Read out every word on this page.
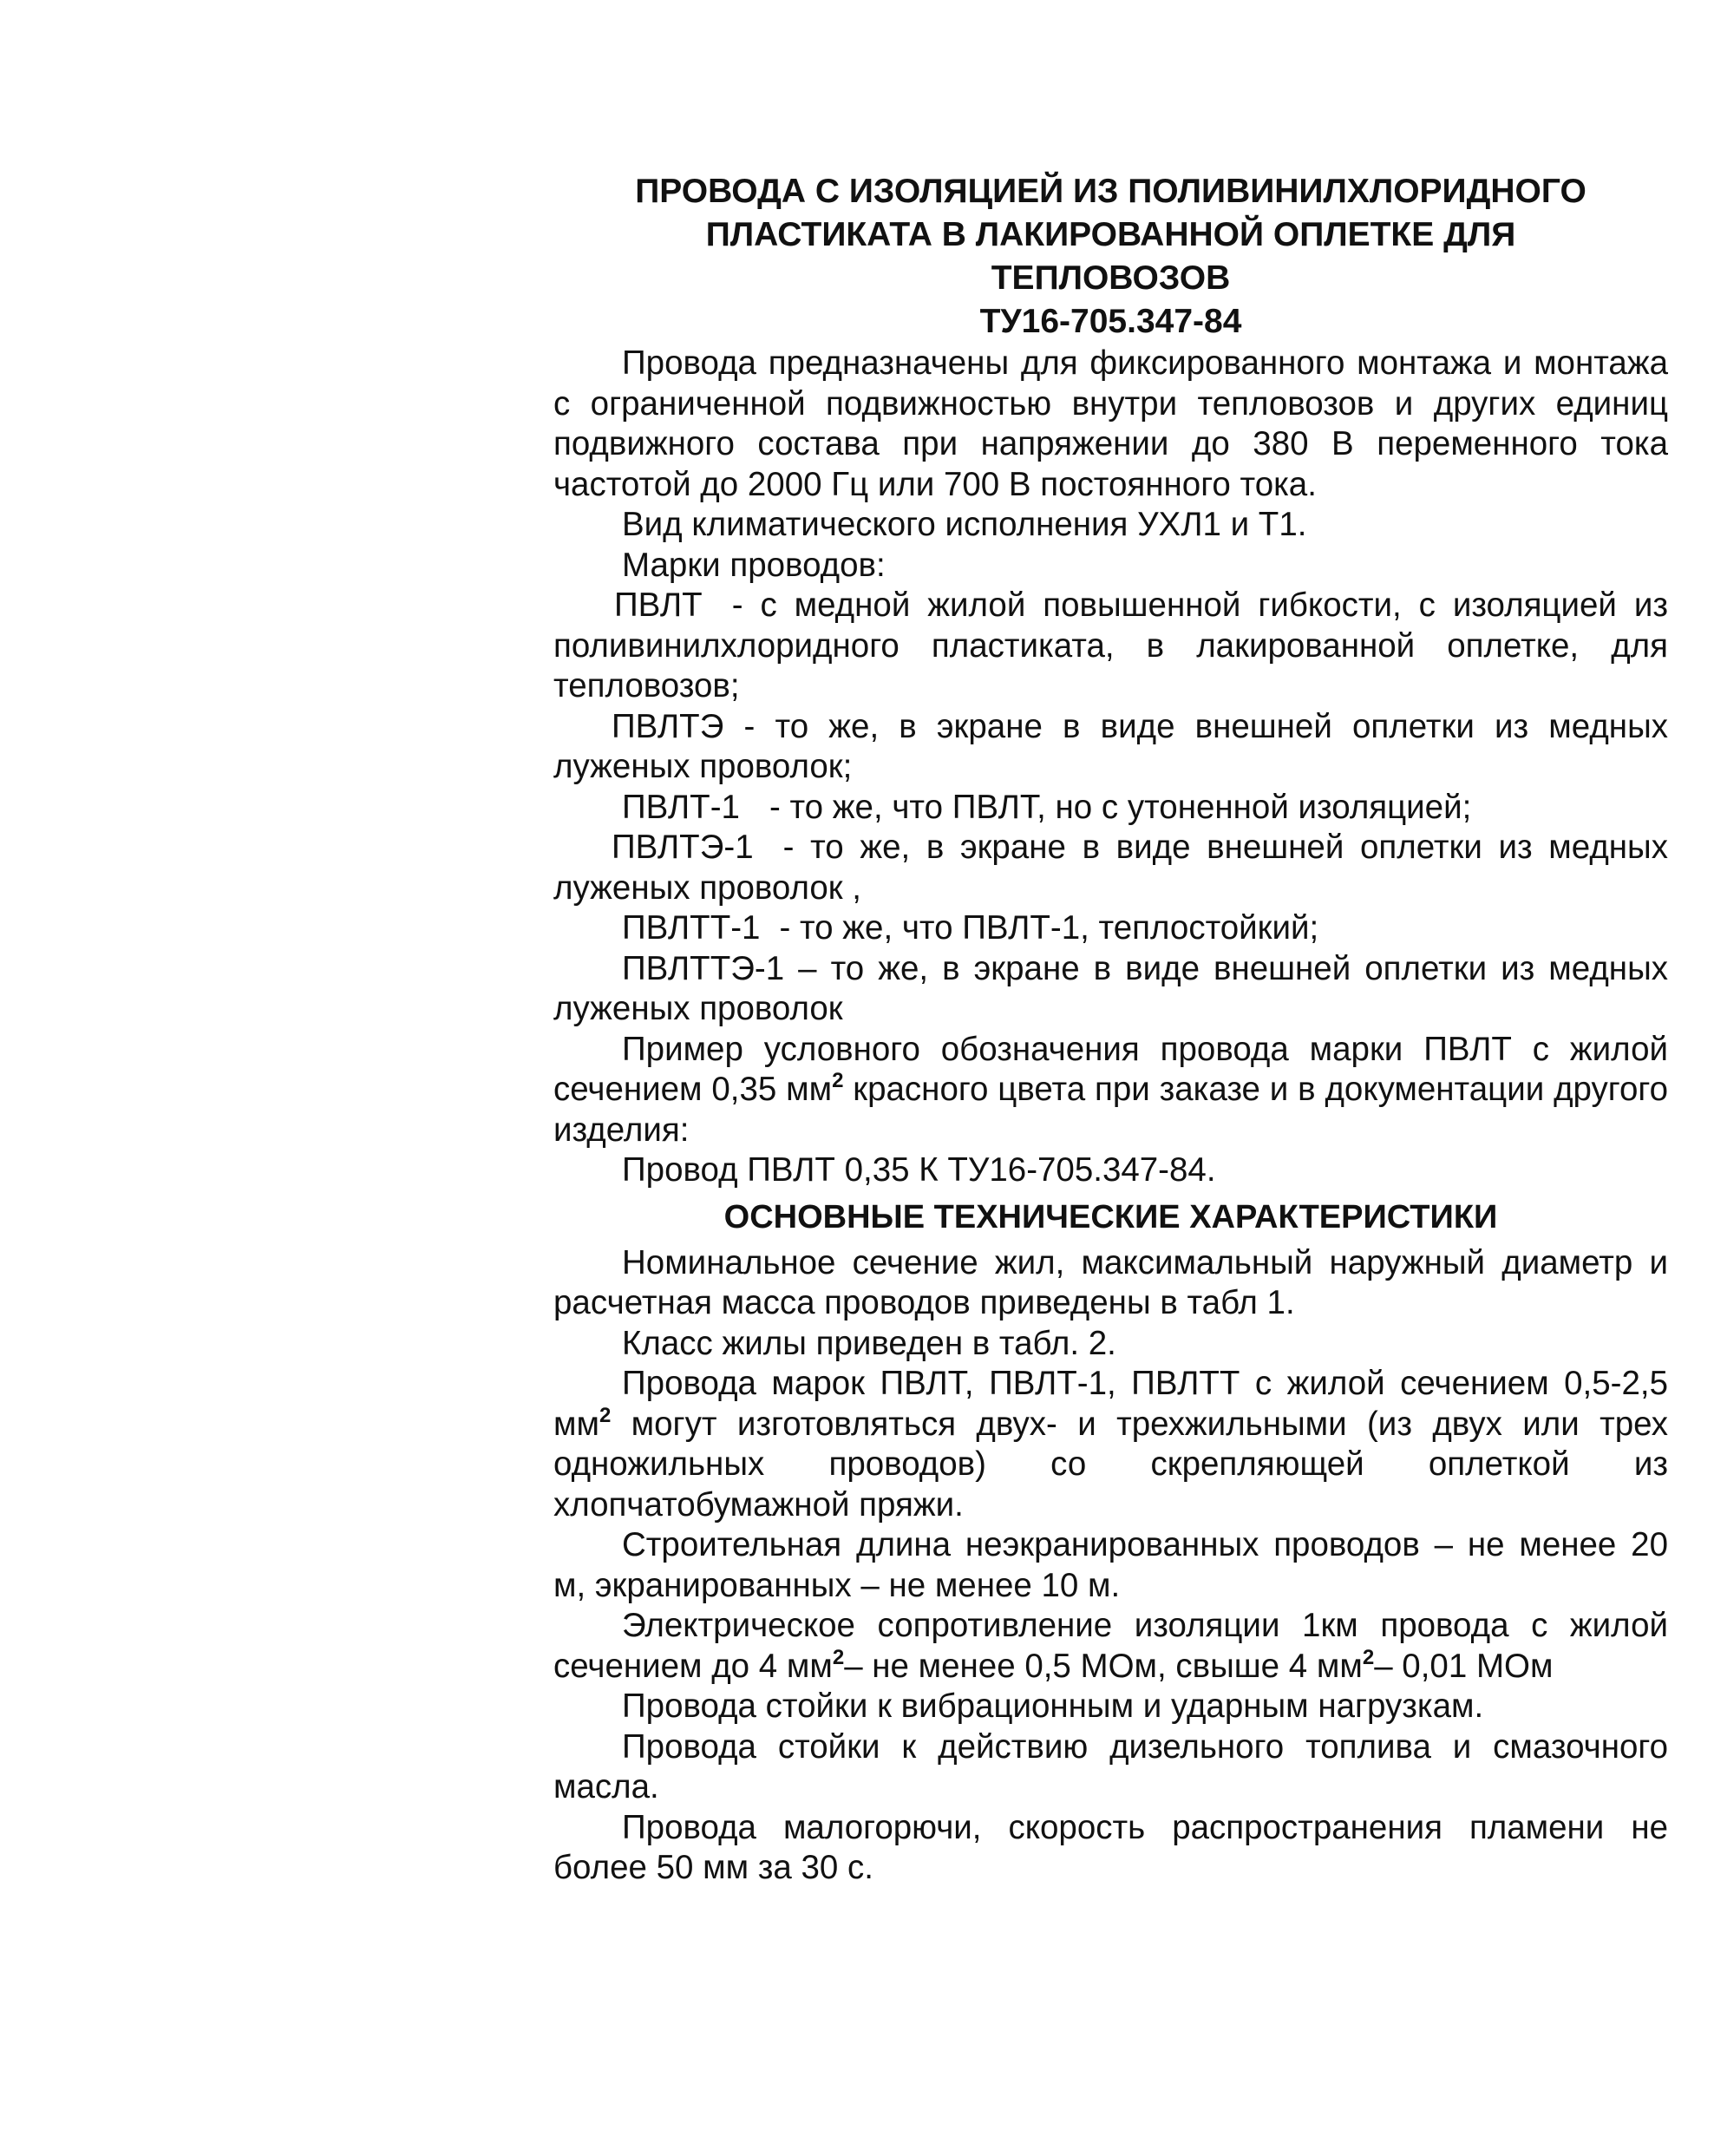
ПРОВОДА С ИЗОЛЯЦИЕЙ ИЗ ПОЛИВИНИЛХЛОРИДНОГО
ПЛАСТИКАТА В ЛАКИРОВАННОЙ ОПЛЕТКЕ ДЛЯ
ТЕПЛОВОЗОВ
ТУ16-705.347-84

Провода предназначены для фиксированного монтажа и монтажа с ограниченной подвижностью внутри тепловозов и других единиц подвижного состава при напряжении до 380 В переменного тока частотой до 2000 Гц или 700 В постоянного тока.

Вид климатического исполнения УХЛ1 и Т1.

Марки проводов:

ПВЛТ - с медной жилой повышенной гибкости, с изоляцией из поливинилхлоридного пластиката, в лакированной оплетке, для тепловозов;

ПВЛТЭ - то же, в экране в виде внешней оплетки из медных луженых проволок;

ПВЛТ-1 - то же, что ПВЛТ, но с утоненной изоляцией;

ПВЛТЭ-1 - то же, в экране в виде внешней оплетки из медных луженых проволок ,

ПВЛТТ-1 - то же, что ПВЛТ-1, теплостойкий;

ПВЛТТЭ-1 – то же, в экране в виде внешней оплетки из медных луженых проволок

Пример условного обозначения провода марки ПВЛТ с жилой сечением 0,35 $мм^2$ красного цвета при заказе и в документации другого изделия:

Провод ПВЛТ 0,35 К ТУ16-705.347-84.

ОСНОВНЫЕ ТЕХНИЧЕСКИЕ ХАРАКТЕРИСТИКИ

Номинальное сечение жил, максимальный наружный диаметр и расчетная масса проводов приведены в табл 1.

Класс жилы приведен в табл. 2.

Провода марок ПВЛТ, ПВЛТ-1, ПВЛТТ с жилой сечением 0,5-2,5 $мм^2$ могут изготовляться двух- и трехжильными (из двух или трех одножильных проводов) со скрепляющей оплеткой из хлопчатобумажной пряжи.

Строительная длина неэкранированных проводов – не менее 20 м, экранированных – не менее 10 м.

Электрическое сопротивление изоляции 1км провода с жилой сечением до 4 $мм^2-$ не менее 0,5 МОм, свыше 4 $мм^2-$ 0,01 МОм

Провода стойки к вибрационным и ударным нагрузкам.

Провода стойки к действию дизельного топлива и смазочного масла.

Провода малогорючи, скорость распространения пламени не более 50 мм за 30 с.
